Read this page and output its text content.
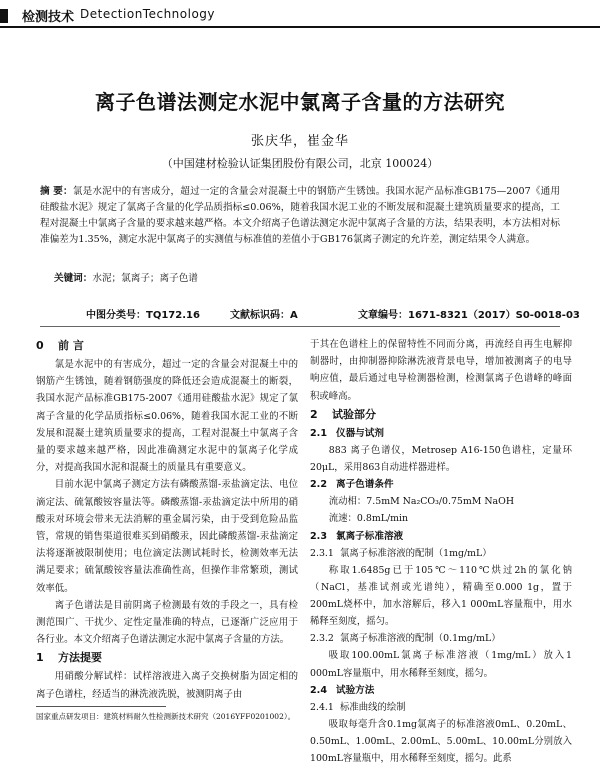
检测技术 DetectionTechnology
离子色谱法测定水泥中氯离子含量的方法研究
张庆华，崔金华
（中国建材检验认证集团股份有限公司，北京 100024）
摘 要：氯是水泥中的有害成分，超过一定的含量会对混凝土中的钢筋产生锈蚀。我国水泥产品标准GB175—2007《通用硅酸盐水泥》规定了氯离子含量的化学品质指标≤0.06%，随着我国水泥工业的不断发展和混凝土建筑质量要求的提高，工程对混凝土中氯离子含量的要求越来越严格。本文介绍离子色谱法测定水泥中氯离子含量的方法，结果表明，本方法相对标准偏差为1.35%，测定水泥中氯离子的实测值与标准值的差值小于GB176氯离子测定的允许差，测定结果令人满意。
关键词：水泥；氯离子；离子色谱
中图分类号：TQ172.16	文献标识码：A	文章编号：1671-8321（2017）S0-0018-03
0 前 言

氯是水泥中的有害成分，超过一定的含量会对混凝土中的钢筋产生锈蚀，随着钢筋强度的降低还会造成混凝土的断裂，我国水泥产品标准GB175-2007《通用硅酸盐水泥》规定了氯离子含量的化学品质指标≤0.06%，随着我国水泥工业的不断发展和混凝土建筑质量要求的提高，工程对混凝土中氯离子含量的要求越来越严格，因此准确测定水泥中的氯离子化学成分，对提高我国水泥和混凝土的质量具有重要意义。

目前水泥中氯离子测定方法有磷酸蒸馏-汞盐滴定法、电位滴定法、硫氰酸铵容量法等。磷酸蒸馏-汞盐滴定法中所用的硝酸汞对环境会带来无法消解的重金属污染，由于受到危险品监管，常规的销售渠道很难买到硝酸汞，因此磷酸蒸馏-汞盐滴定法将逐渐被限制使用；电位滴定法测试耗时长，检测效率无法满足要求；硫氰酸铵容量法准确性高，但操作非常繁琐，测试效率低。

离子色谱法是目前阴离子检测最有效的手段之一，具有检测范围广、干扰少、定性定量准确的特点，已逐渐广泛应用于各行业。本文介绍离子色谱法测定水泥中氯离子含量的方法。

1 方法提要

用硝酸分解试样：试样溶液进入离子交换树脂为固定相的离子色谱柱，经适当的淋洗液洗脱，被测阴离子由

国家重点研发项目：建筑材料耐久性检测新技术研究（2016YFF0201002）。

于其在色谱柱上的保留特性不同而分离，再流经自再生电解抑制器时，由抑制器抑除淋洗液背景电导，增加被测离子的电导响应值，最后通过电导检测器检测，检测氯离子色谱峰的峰面积或峰高。

2 试验部分
2.1 仪器与试剂

883 离子色谱仪，Metrosep A16-150色谱柱，定量环20μL，采用863自动进样器进样。

2.2 离子色谱条件

流动相：7.5mM Na₂CO₃/0.75mM NaOH

流速：0.8mL/min

2.3 氯离子标准溶液
2.3.1 氯离子标准溶液的配制（1mg/mL）

称取1.6485g已于105℃～110℃烘过2h的氯化钠（NaCl，基准试剂或光谱纯），精确至0.000 1g，置于200mL烧杯中，加水溶解后，移入1 000mL容量瓶中，用水稀释至刻度，摇匀。

2.3.2 氯离子标准溶液的配制（0.1mg/mL）

吸取100.00mL氯离子标准溶液（1mg/mL）放入1 000mL容量瓶中，用水稀释至刻度，摇匀。

2.4 试验方法
2.4.1 标准曲线的绘制

吸取每毫升含0.1mg氯离子的标准溶液0mL、0.20mL、0.50mL、1.00mL、2.00mL、5.00mL、10.00mL分别放入100mL容量瓶中，用水稀释至刻度，摇匀。此系
